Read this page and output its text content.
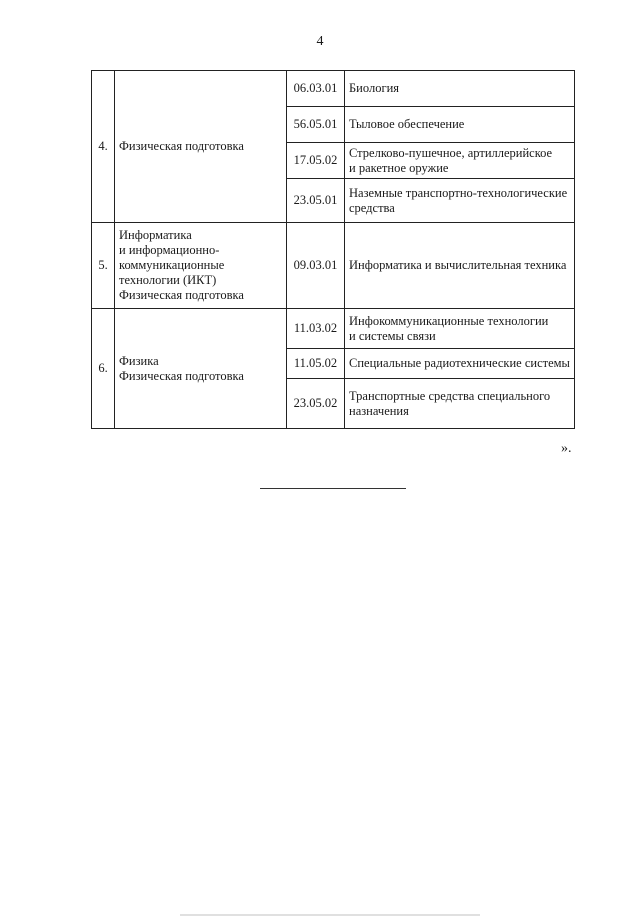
4
4.	Физическая подготовка	06.03.01	Биология

		56.05.01	Тыловое обеспечение

		17.05.02	Стрелково-пушечное, артиллерийское
и ракетное оружие

		23.05.01	Наземные транспортно-технологические
средства

5.	Информатика
и информационно-
коммуникационные
технологии (ИКТ)
Физическая подготовка	09.03.01	Информатика и вычислительная техника

6.	Физика
Физическая подготовка	11.03.02	Инфокоммуникационные технологии
и системы связи

		11.05.02	Специальные радиотехнические системы

		23.05.02	Транспортные средства специального
назначения
».
